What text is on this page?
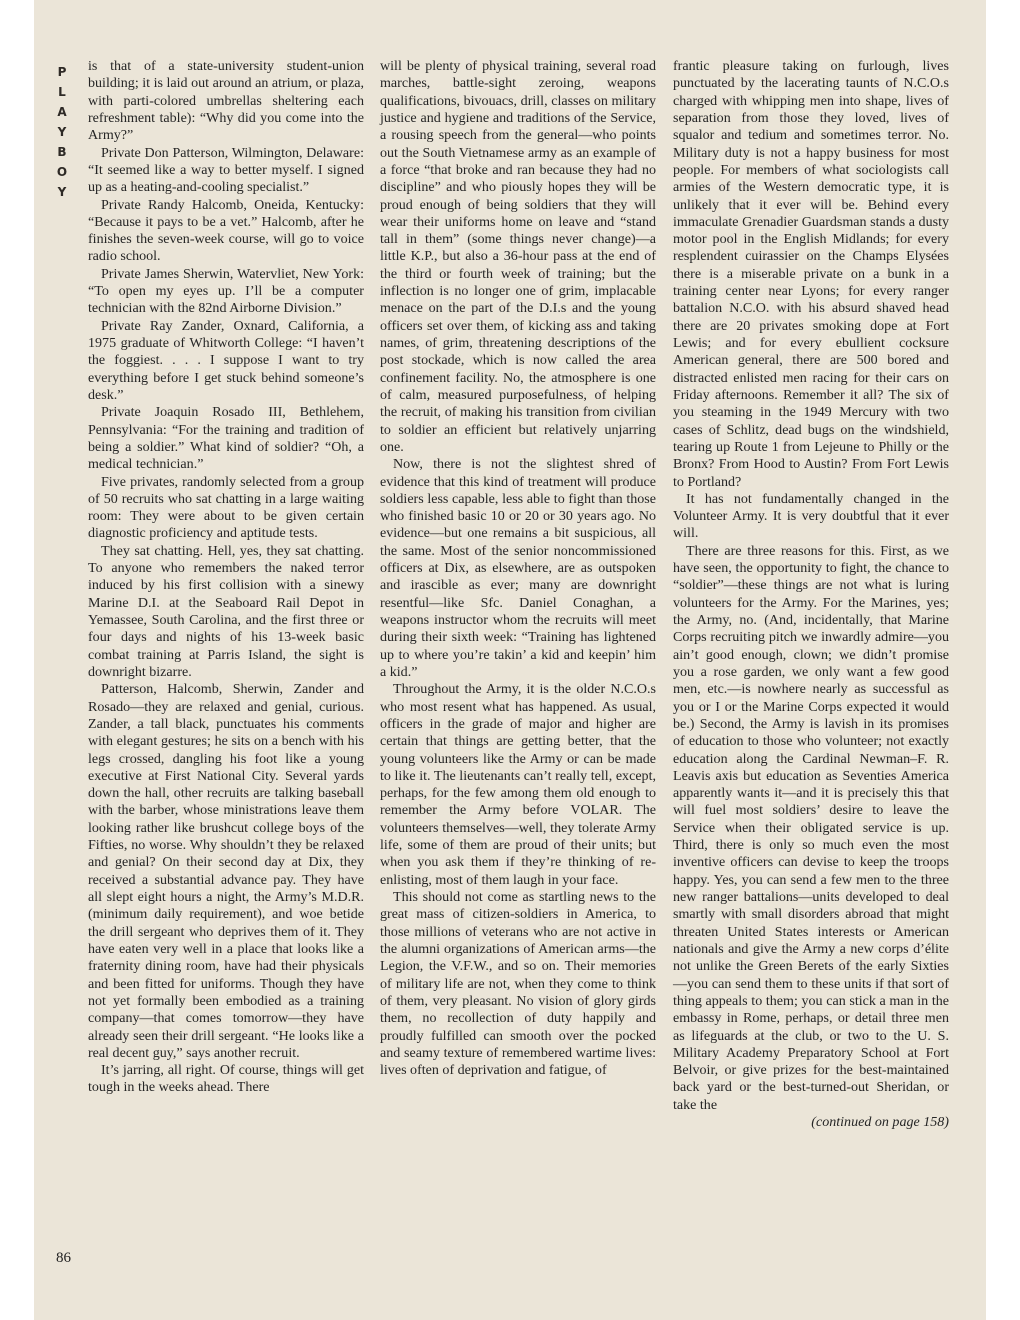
P
L
A
Y
B
O
Y

is that of a state-university student-union building; it is laid out around an atrium, or plaza, with parti-colored umbrellas sheltering each refreshment table): “Why did you come into the Army?”

Private Don Patterson, Wilmington, Delaware: “It seemed like a way to better myself. I signed up as a heating-and-cooling specialist.”

Private Randy Halcomb, Oneida, Kentucky: “Because it pays to be a vet.” Halcomb, after he finishes the seven-week course, will go to voice radio school.

Private James Sherwin, Watervliet, New York: “To open my eyes up. I’ll be a computer technician with the 82nd Airborne Division.”

Private Ray Zander, Oxnard, California, a 1975 graduate of Whitworth College: “I haven’t the foggiest. . . . I suppose I want to try everything before I get stuck behind someone’s desk.”

Private Joaquin Rosado III, Bethlehem, Pennsylvania: “For the training and tradition of being a soldier.” What kind of soldier? “Oh, a medical technician.”

Five privates, randomly selected from a group of 50 recruits who sat chatting in a large waiting room: They were about to be given certain diagnostic proficiency and aptitude tests.

They sat chatting. Hell, yes, they sat chatting. To anyone who remembers the naked terror induced by his first collision with a sinewy Marine D.I. at the Seaboard Rail Depot in Yemassee, South Carolina, and the first three or four days and nights of his 13-week basic combat training at Parris Island, the sight is downright bizarre.

Patterson, Halcomb, Sherwin, Zander and Rosado—they are relaxed and genial, curious. Zander, a tall black, punctuates his comments with elegant gestures; he sits on a bench with his legs crossed, dangling his foot like a young executive at First National City. Several yards down the hall, other recruits are talking baseball with the barber, whose ministrations leave them looking rather like brushcut college boys of the Fifties, no worse. Why shouldn’t they be relaxed and genial? On their second day at Dix, they received a substantial advance pay. They have all slept eight hours a night, the Army’s M.D.R. (minimum daily requirement), and woe betide the drill sergeant who deprives them of it. They have eaten very well in a place that looks like a fraternity dining room, have had their physicals and been fitted for uniforms. Though they have not yet formally been embodied as a training company—that comes tomorrow—they have already seen their drill sergeant. “He looks like a real decent guy,” says another recruit.

It’s jarring, all right. Of course, things will get tough in the weeks ahead. There

will be plenty of physical training, several road marches, battle-sight zeroing, weapons qualifications, bivouacs, drill, classes on military justice and hygiene and traditions of the Service, a rousing speech from the general—who points out the South Vietnamese army as an example of a force “that broke and ran because they had no discipline” and who piously hopes they will be proud enough of being soldiers that they will wear their uniforms home on leave and “stand tall in them” (some things never change)—a little K.P., but also a 36-hour pass at the end of the third or fourth week of training; but the inflection is no longer one of grim, implacable menace on the part of the D.I.s and the young officers set over them, of kicking ass and taking names, of grim, threatening descriptions of the post stockade, which is now called the area confinement facility. No, the atmosphere is one of calm, measured purposefulness, of helping the recruit, of making his transition from civilian to soldier an efficient but relatively unjarring one.

Now, there is not the slightest shred of evidence that this kind of treatment will produce soldiers less capable, less able to fight than those who finished basic 10 or 20 or 30 years ago. No evidence—but one remains a bit suspicious, all the same. Most of the senior noncommissioned officers at Dix, as elsewhere, are as outspoken and irascible as ever; many are downright resentful—like Sfc. Daniel Conaghan, a weapons instructor whom the recruits will meet during their sixth week: “Training has lightened up to where you’re takin’ a kid and keepin’ him a kid.”

Throughout the Army, it is the older N.C.O.s who most resent what has happened. As usual, officers in the grade of major and higher are certain that things are getting better, that the young volunteers like the Army or can be made to like it. The lieutenants can’t really tell, except, perhaps, for the few among them old enough to remember the Army before VOLAR. The volunteers themselves—well, they tolerate Army life, some of them are proud of their units; but when you ask them if they’re thinking of re-enlisting, most of them laugh in your face.

This should not come as startling news to the great mass of citizen-soldiers in America, to those millions of veterans who are not active in the alumni organizations of American arms—the Legion, the V.F.W., and so on. Their memories of military life are not, when they come to think of them, very pleasant. No vision of glory girds them, no recollection of duty happily and proudly fulfilled can smooth over the pocked and seamy texture of remembered wartime lives: lives often of deprivation and fatigue, of

frantic pleasure taking on furlough, lives punctuated by the lacerating taunts of N.C.O.s charged with whipping men into shape, lives of separation from those they loved, lives of squalor and tedium and sometimes terror. No. Military duty is not a happy business for most people. For members of what sociologists call armies of the Western democratic type, it is unlikely that it ever will be. Behind every immaculate Grenadier Guardsman stands a dusty motor pool in the English Midlands; for every resplendent cuirassier on the Champs Elysées there is a miserable private on a bunk in a training center near Lyons; for every ranger battalion N.C.O. with his absurd shaved head there are 20 privates smoking dope at Fort Lewis; and for every ebullient cocksure American general, there are 500 bored and distracted enlisted men racing for their cars on Friday afternoons. Remember it all? The six of you steaming in the 1949 Mercury with two cases of Schlitz, dead bugs on the windshield, tearing up Route 1 from Lejeune to Philly or the Bronx? From Hood to Austin? From Fort Lewis to Portland?

It has not fundamentally changed in the Volunteer Army. It is very doubtful that it ever will.

There are three reasons for this. First, as we have seen, the opportunity to fight, the chance to “soldier”—these things are not what is luring volunteers for the Army. For the Marines, yes; the Army, no. (And, incidentally, that Marine Corps recruiting pitch we inwardly admire—you ain’t good enough, clown; we didn’t promise you a rose garden, we only want a few good men, etc.—is nowhere nearly as successful as you or I or the Marine Corps expected it would be.) Second, the Army is lavish in its promises of education to those who volunteer; not exactly education along the Cardinal Newman–F. R. Leavis axis but education as Seventies America apparently wants it—and it is precisely this that will fuel most soldiers’ desire to leave the Service when their obligated service is up. Third, there is only so much even the most inventive officers can devise to keep the troops happy. Yes, you can send a few men to the three new ranger battalions—units developed to deal smartly with small disorders abroad that might threaten United States interests or American nationals and give the Army a new corps d’élite not unlike the Green Berets of the early Sixties—you can send them to these units if that sort of thing appeals to them; you can stick a man in the embassy in Rome, perhaps, or detail three men as lifeguards at the club, or two to the U. S. Military Academy Preparatory School at Fort Belvoir, or give prizes for the best-maintained back yard or the best-turned-out Sheridan, or take the

(continued on page 158)

86
